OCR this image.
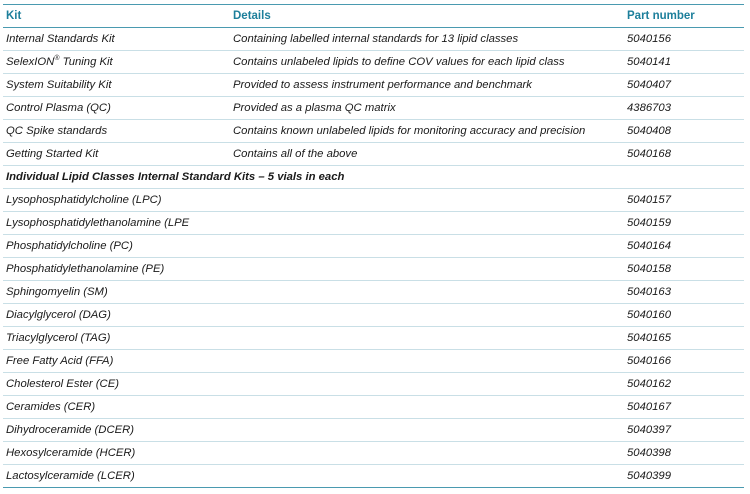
Kit	Details	Part number
Internal Standards Kit	Containing labelled internal standards for 13 lipid classes	5040156
SelexION® Tuning Kit	Contains unlabeled lipids to define COV values for each lipid class	5040141
System Suitability Kit	Provided to assess instrument performance and benchmark	5040407
Control Plasma (QC)	Provided as a plasma QC matrix	4386703
QC Spike standards	Contains known unlabeled lipids for monitoring accuracy and precision	5040408
Getting Started Kit	Contains all of the above	5040168
Individual Lipid Classes Internal Standard Kits – 5 vials in each		
Lysophosphatidylcholine (LPC)		5040157
Lysophosphatidylethanolamine (LPE		5040159
Phosphatidylcholine (PC)		5040164
Phosphatidylethanolamine (PE)		5040158
Sphingomyelin (SM)		5040163
Diacylglycerol (DAG)		5040160
Triacylglycerol (TAG)		5040165
Free Fatty Acid (FFA)		5040166
Cholesterol Ester (CE)		5040162
Ceramides (CER)		5040167
Dihydroceramide (DCER)		5040397
Hexosylceramide (HCER)		5040398
Lactosylceramide (LCER)		5040399
